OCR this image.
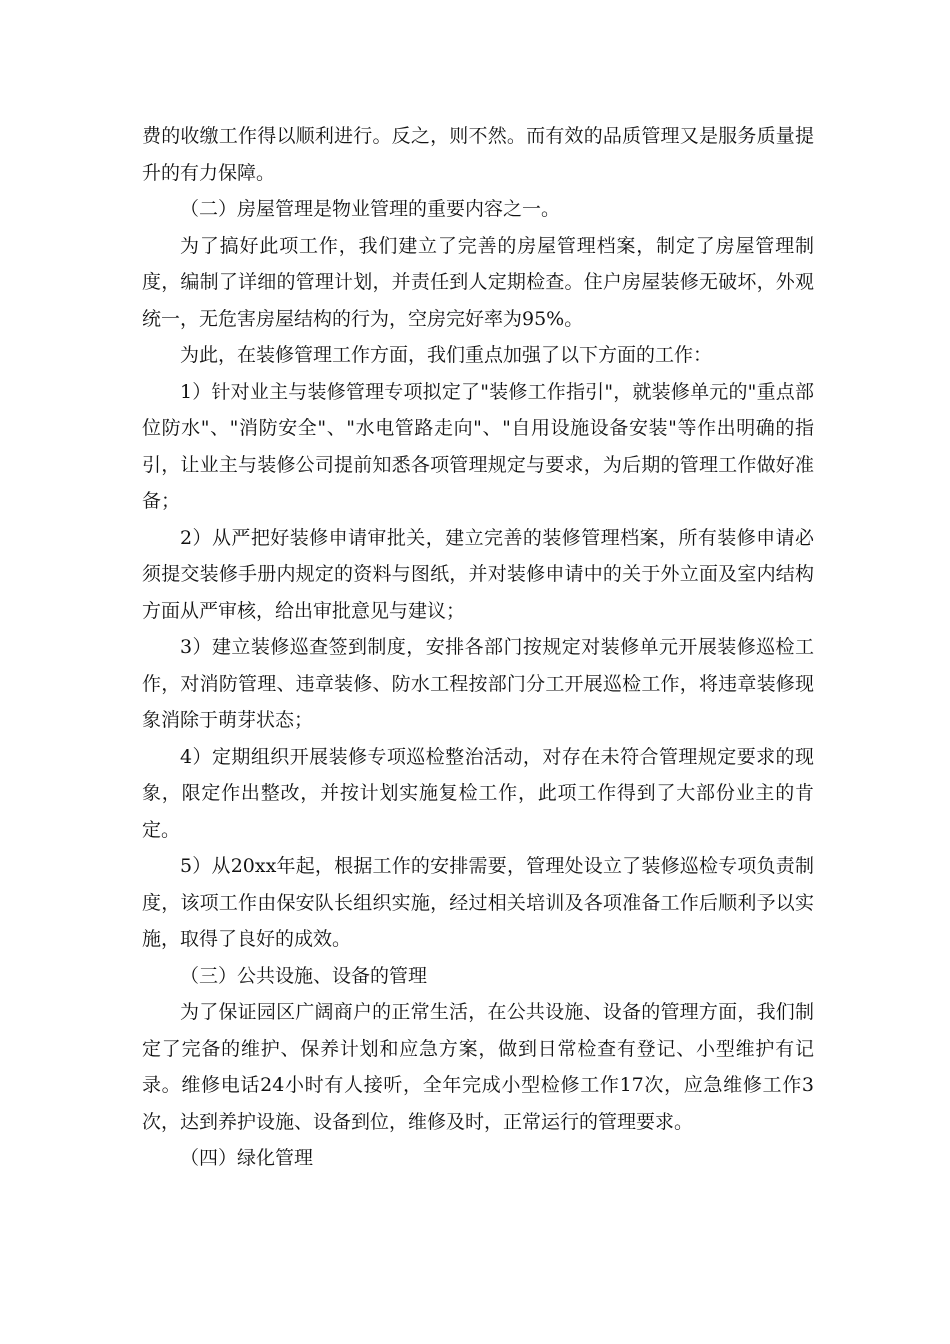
费的收缴工作得以顺利进行。反之，则不然。而有效的品质管理又是服务质量提升的有力保障。

（二）房屋管理是物业管理的重要内容之一。

为了搞好此项工作，我们建立了完善的房屋管理档案，制定了房屋管理制度，编制了详细的管理计划，并责任到人定期检查。住户房屋装修无破坏，外观统一，无危害房屋结构的行为，空房完好率为95%。

为此，在装修管理工作方面，我们重点加强了以下方面的工作：

1）针对业主与装修管理专项拟定了"装修工作指引"，就装修单元的"重点部位防水"、"消防安全"、"水电管路走向"、"自用设施设备安装"等作出明确的指引，让业主与装修公司提前知悉各项管理规定与要求，为后期的管理工作做好准备；

2）从严把好装修申请审批关，建立完善的装修管理档案，所有装修申请必须提交装修手册内规定的资料与图纸，并对装修申请中的关于外立面及室内结构方面从严审核，给出审批意见与建议；

3）建立装修巡查签到制度，安排各部门按规定对装修单元开展装修巡检工作，对消防管理、违章装修、防水工程按部门分工开展巡检工作，将违章装修现象消除于萌芽状态；

4）定期组织开展装修专项巡检整治活动，对存在未符合管理规定要求的现象，限定作出整改，并按计划实施复检工作，此项工作得到了大部份业主的肯定。

5）从20xx年起，根据工作的安排需要，管理处设立了装修巡检专项负责制度，该项工作由保安队长组织实施，经过相关培训及各项准备工作后顺利予以实施，取得了良好的成效。

（三）公共设施、设备的管理

为了保证园区广阔商户的正常生活，在公共设施、设备的管理方面，我们制定了完备的维护、保养计划和应急方案，做到日常检查有登记、小型维护有记录。维修电话24小时有人接听，全年完成小型检修工作17次，应急维修工作3次，达到养护设施、设备到位，维修及时，正常运行的管理要求。

（四）绿化管理
